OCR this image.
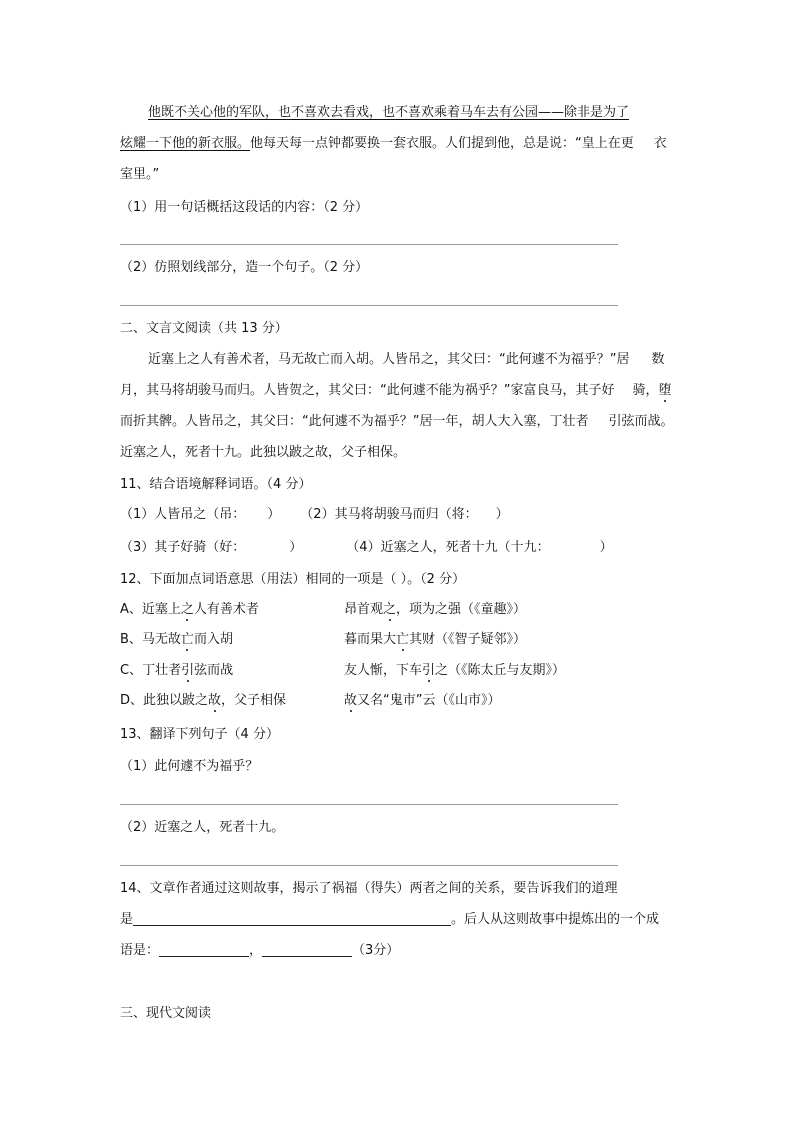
他既不关心他的军队，也不喜欢去看戏，也不喜欢乘着马车去有公园——除非是为了
炫耀一下他的新衣服。他每天每一点钟都要换一套衣服。人们提到他，总是说：“皇上在更 衣
室里。”
（1）用一句话概括这段话的内容：（2 分）
（2）仿照划线部分，造一个句子。（2 分）
二、文言文阅读（共 13 分）
近塞上之人有善术者，马无故亡而入胡。人皆吊之，其父曰：“此何遽不为福乎？”居 数
月，其马将胡骏马而归。人皆贺之，其父曰：“此何遽不能为祸乎？”家富良马，其子好 骑，堕
而折其髀。人皆吊之，其父曰：“此何遽不为福乎？”居一年，胡人大入塞，丁壮者 引弦而战。
近塞之人，死者十九。此独以跛之故，父子相保。
11、结合语境解释词语。（4 分）
（1）人皆吊之（吊： ） （2）其马将胡骏马而归（将： ）
（3）其子好骑（好：	）	（4）近塞之人，死者十九（十九：	）
12、下面加点词语意思（用法）相同的一项是（ ）。（2 分）
A、近塞上之人有善术者	昂首观之，项为之强（《童趣》）
B、马无故亡而入胡	暮而果大亡其财（《智子疑邻》）
C、丁壮者引弦而战	友人惭，下车引之（《陈太丘与友期》）
D、此独以跛之故，父子相保	故又名“鬼市”云（《山市》）
13、翻译下列句子（4 分）
（1）此何遽不为福乎？
（2）近塞之人，死者十九。
14、文章作者通过这则故事，揭示了祸福（得失）两者之间的关系，要告诉我们的道理
是	。后人从这则故事中提炼出的一个成
语是：	，	（3分）
三、现代文阅读
